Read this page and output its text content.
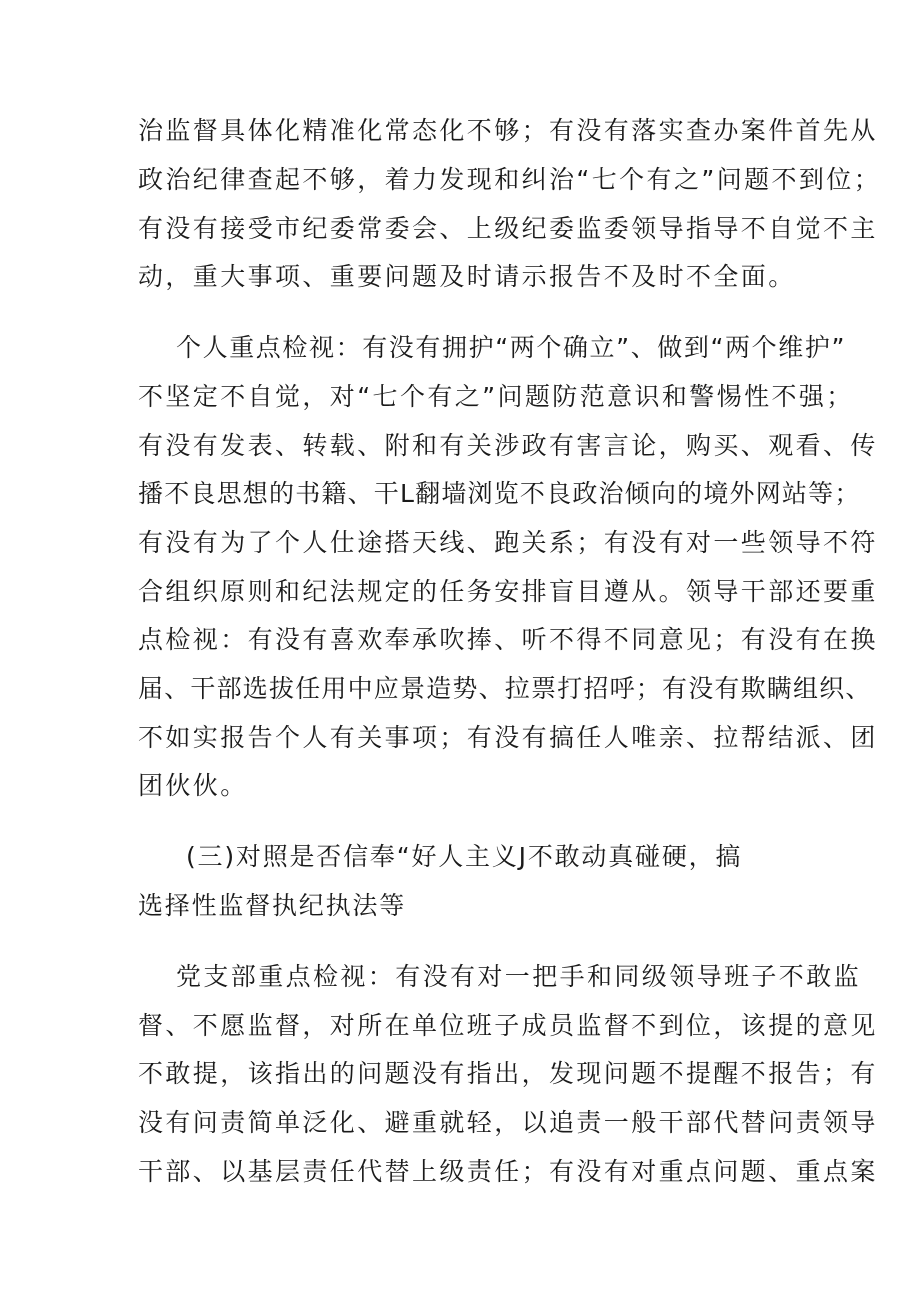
治监督具体化精准化常态化不够；有没有落实查办案件首先从
政治纪律查起不够，着力发现和纠治“七个有之”问题不到位；
有没有接受市纪委常委会、上级纪委监委领导指导不自觉不主
动，重大事项、重要问题及时请示报告不及时不全面。
个人重点检视：有没有拥护“两个确立”、做到“两个维护”
不坚定不自觉，对“七个有之”问题防范意识和警惕性不强；
有没有发表、转载、附和有关涉政有害言论，购买、观看、传
播不良思想的书籍、干L翻墙浏览不良政治倾向的境外网站等；
有没有为了个人仕途搭天线、跑关系；有没有对一些领导不符
合组织原则和纪法规定的任务安排盲目遵从。领导干部还要重
点检视：有没有喜欢奉承吹捧、听不得不同意见；有没有在换
届、干部选拔任用中应景造势、拉票打招呼；有没有欺瞒组织、
不如实报告个人有关事项；有没有搞任人唯亲、拉帮结派、团
团伙伙。
(三)对照是否信奉“好人主义J不敢动真碰硬，搞
选择性监督执纪执法等
党支部重点检视：有没有对一把手和同级领导班子不敢监
督、不愿监督，对所在单位班子成员监督不到位，该提的意见
不敢提，该指出的问题没有指出，发现问题不提醒不报告；有
没有问责简单泛化、避重就轻，以追责一般干部代替问责领导
干部、以基层责任代替上级责任；有没有对重点问题、重点案
